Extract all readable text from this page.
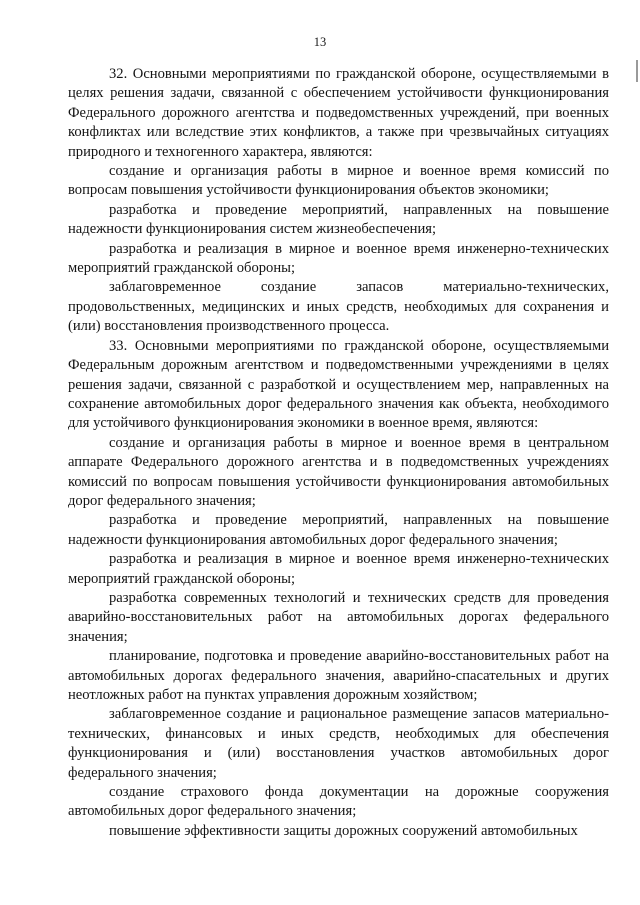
13

32. Основными мероприятиями по гражданской обороне, осуществляемыми в целях решения задачи, связанной с обеспечением устойчивости функционирования Федерального дорожного агентства и подведомственных учреждений, при военных конфликтах или вследствие этих конфликтов, а также при чрезвычайных ситуациях природного и техногенного характера, являются:

создание и организация работы в мирное и военное время комиссий по вопросам повышения устойчивости функционирования объектов экономики;

разработка и проведение мероприятий, направленных на повышение надежности функционирования систем жизнеобеспечения;

разработка и реализация в мирное и военное время инженерно-технических мероприятий гражданской обороны;

заблаговременное создание запасов материально-технических, продовольственных, медицинских и иных средств, необходимых для сохранения и (или) восстановления производственного процесса.

33. Основными мероприятиями по гражданской обороне, осуществляемыми Федеральным дорожным агентством и подведомственными учреждениями в целях решения задачи, связанной с разработкой и осуществлением мер, направленных на сохранение автомобильных дорог федерального значения как объекта, необходимого для устойчивого функционирования экономики в военное время, являются:

создание и организация работы в мирное и военное время в центральном аппарате Федерального дорожного агентства и в подведомственных учреждениях комиссий по вопросам повышения устойчивости функционирования автомобильных дорог федерального значения;

разработка и проведение мероприятий, направленных на повышение надежности функционирования автомобильных дорог федерального значения;

разработка и реализация в мирное и военное время инженерно-технических мероприятий гражданской обороны;

разработка современных технологий и технических средств для проведения аварийно-восстановительных работ на автомобильных дорогах федерального значения;

планирование, подготовка и проведение аварийно-восстановительных работ на автомобильных дорогах федерального значения, аварийно-спасательных и других неотложных работ на пунктах управления дорожным хозяйством;

заблаговременное создание и рациональное размещение запасов материально-технических, финансовых и иных средств, необходимых для обеспечения функционирования и (или) восстановления участков автомобильных дорог федерального значения;

создание страхового фонда документации на дорожные сооружения автомобильных дорог федерального значения;

повышение эффективности защиты дорожных сооружений автомобильных
